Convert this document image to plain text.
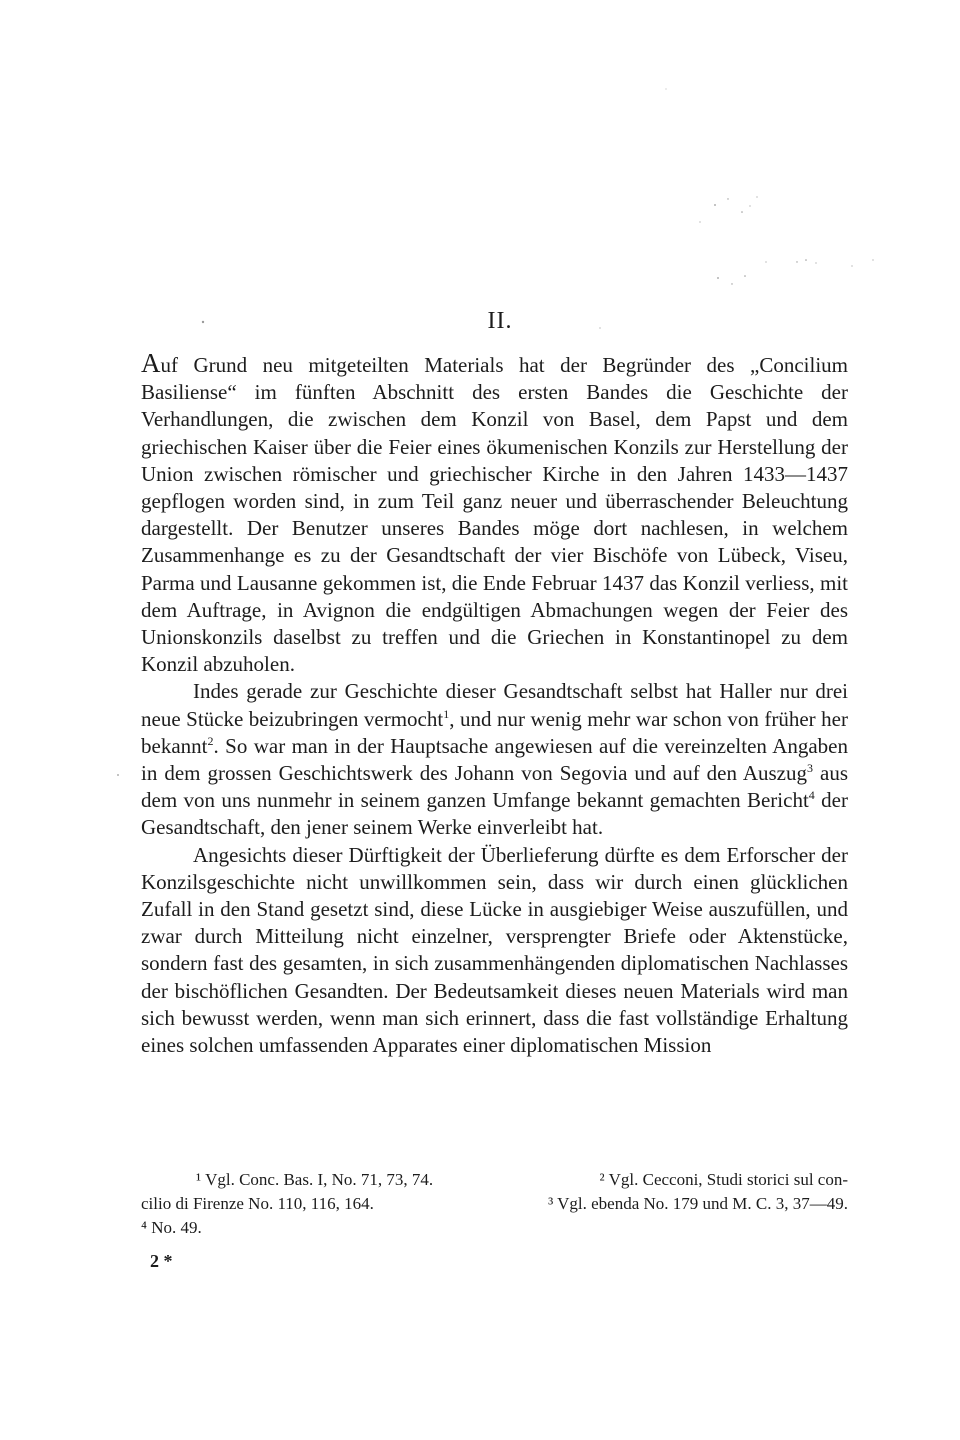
II.

Auf Grund neu mitgeteilten Materials hat der Begründer des „Concilium Basiliense“ im fünften Abschnitt des ersten Bandes die Geschichte der Verhandlungen, die zwischen dem Konzil von Basel, dem Papst und dem griechischen Kaiser über die Feier eines ökumenischen Konzils zur Herstellung der Union zwischen römischer und griechischer Kirche in den Jahren 1433—1437 gepflogen worden sind, in zum Teil ganz neuer und überraschender Beleuchtung dargestellt. Der Benutzer unseres Bandes möge dort nachlesen, in welchem Zusammenhange es zu der Gesandtschaft der vier Bischöfe von Lübeck, Viseu, Parma und Lausanne gekommen ist, die Ende Februar 1437 das Konzil verliess, mit dem Auftrage, in Avignon die endgültigen Abmachungen wegen der Feier des Unionskonzils daselbst zu treffen und die Griechen in Konstantinopel zu dem Konzil abzuholen.

Indes gerade zur Geschichte dieser Gesandtschaft selbst hat Haller nur drei neue Stücke beizubringen vermocht$^1$, und nur wenig mehr war schon von früher her bekannt$^2$. So war man in der Hauptsache angewiesen auf die vereinzelten Angaben in dem grossen Geschichtswerk des Johann von Segovia und auf den Auszug$^3$ aus dem von uns nunmehr in seinem ganzen Umfange bekannt gemachten Bericht$^4$ der Gesandtschaft, den jener seinem Werke einverleibt hat.

Angesichts dieser Dürftigkeit der Überlieferung dürfte es dem Erforscher der Konzilsgeschichte nicht unwillkommen sein, dass wir durch einen glücklichen Zufall in den Stand gesetzt sind, diese Lücke in ausgiebiger Weise auszufüllen, und zwar durch Mitteilung nicht einzelner, versprengter Briefe oder Aktenstücke, sondern fast des gesamten, in sich zusammenhängenden diplomatischen Nachlasses der bischöflichen Gesandten. Der Bedeutsamkeit dieses neuen Materials wird man sich bewusst werden, wenn man sich erinnert, dass die fast vollständige Erhaltung eines solchen umfassenden Apparates einer diplomatischen Mission

¹ Vgl. Conc. Bas. I, No. 71, 73, 74.	² Vgl. Cecconi, Studi storici sul con-
cilio di Firenze No. 110, 116, 164.	³ Vgl. ebenda No. 179 und M. C. 3, 37—49.
⁴ No. 49.
2 *
